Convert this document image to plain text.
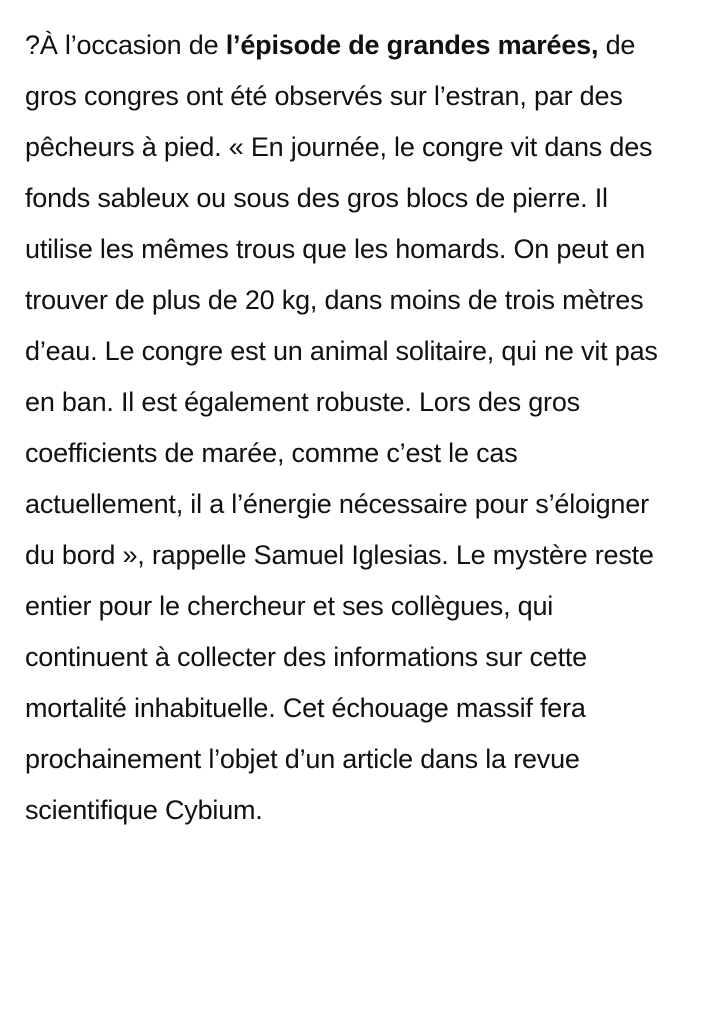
?À l’occasion de l’épisode de grandes marées, de gros congres ont été observés sur l’estran, par des pêcheurs à pied. « En journée, le congre vit dans des fonds sableux ou sous des gros blocs de pierre. Il utilise les mêmes trous que les homards. On peut en trouver de plus de 20 kg, dans moins de trois mètres d’eau. Le congre est un animal solitaire, qui ne vit pas en ban. Il est également robuste. Lors des gros coefficients de marée, comme c’est le cas actuellement, il a l’énergie nécessaire pour s’éloigner du bord », rappelle Samuel Iglesias. Le mystère reste entier pour le chercheur et ses collègues, qui continuent à collecter des informations sur cette mortalité inhabituelle. Cet échouage massif fera prochainement l’objet d’un article dans la revue scientifique Cybium.
